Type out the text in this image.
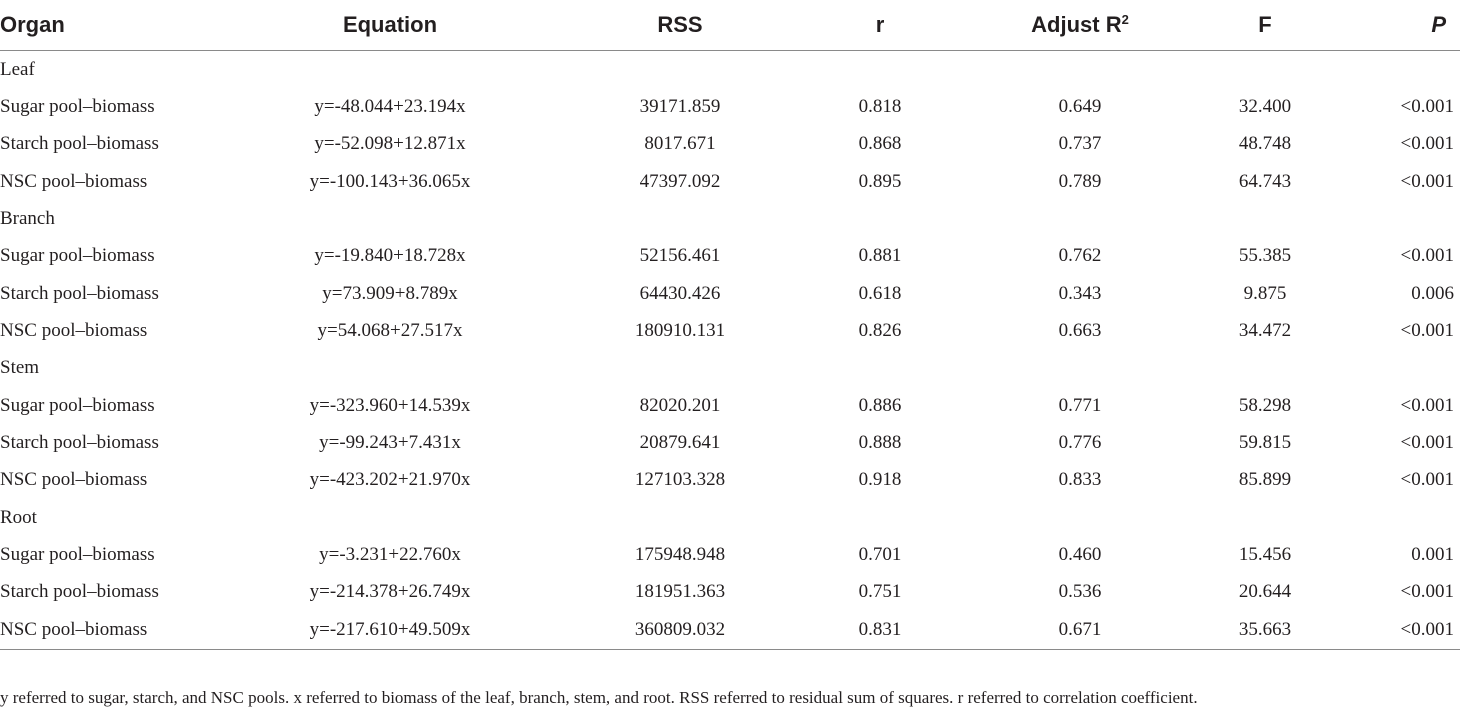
Organ	Equation	RSS	r	Adjust $R^2$	F	P
Leaf						
Sugar pool–biomass	y=-48.044+23.194x	39171.859	0.818	0.649	32.400	<0.001
Starch pool–biomass	y=-52.098+12.871x	8017.671	0.868	0.737	48.748	<0.001
NSC pool–biomass	y=-100.143+36.065x	47397.092	0.895	0.789	64.743	<0.001
Branch						
Sugar pool–biomass	y=-19.840+18.728x	52156.461	0.881	0.762	55.385	<0.001
Starch pool–biomass	y=73.909+8.789x	64430.426	0.618	0.343	9.875	0.006
NSC pool–biomass	y=54.068+27.517x	180910.131	0.826	0.663	34.472	<0.001
Stem						
Sugar pool–biomass	y=-323.960+14.539x	82020.201	0.886	0.771	58.298	<0.001
Starch pool–biomass	y=-99.243+7.431x	20879.641	0.888	0.776	59.815	<0.001
NSC pool–biomass	y=-423.202+21.970x	127103.328	0.918	0.833	85.899	<0.001
Root						
Sugar pool–biomass	y=-3.231+22.760x	175948.948	0.701	0.460	15.456	0.001
Starch pool–biomass	y=-214.378+26.749x	181951.363	0.751	0.536	20.644	<0.001
NSC pool–biomass	y=-217.610+49.509x	360809.032	0.831	0.671	35.663	<0.001
y referred to sugar, starch, and NSC pools. x referred to biomass of the leaf, branch, stem, and root. RSS referred to residual sum of squares. r referred to correlation coefficient.
